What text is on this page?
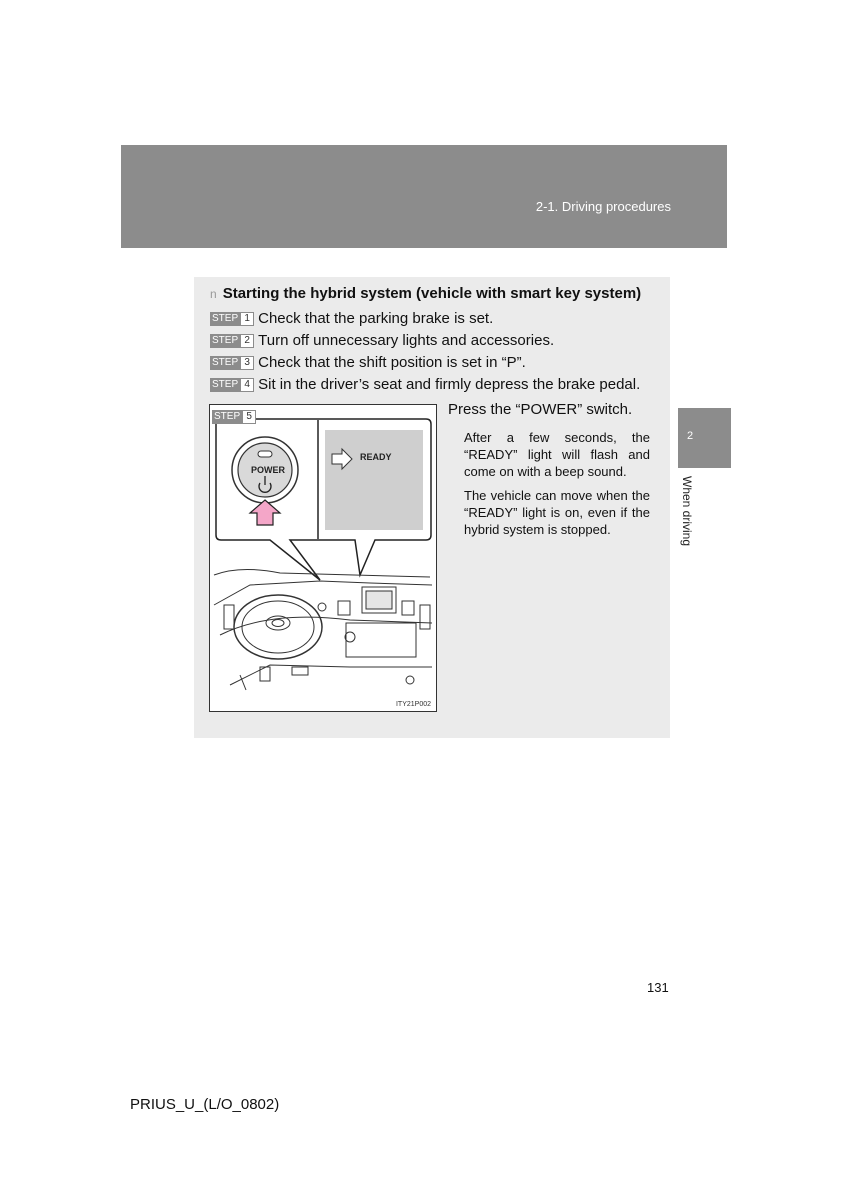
2-1. Driving procedures
2
When driving
n Starting the hybrid system (vehicle with smart key system)
STEP 1 Check that the parking brake is set.
STEP 2 Turn off unnecessary lights and accessories.
STEP 3 Check that the shift position is set in “P”.
STEP 4 Sit in the driver’s seat and firmly depress the brake pedal.
STEP 5
POWER
READY
ITY21P002
Press the “POWER” switch.
After a few seconds, the “READY” light will flash and come on with a beep sound.
The vehicle can move when the “READY” light is on, even if the hybrid system is stopped.
131
PRIUS_U_(L/O_0802)
